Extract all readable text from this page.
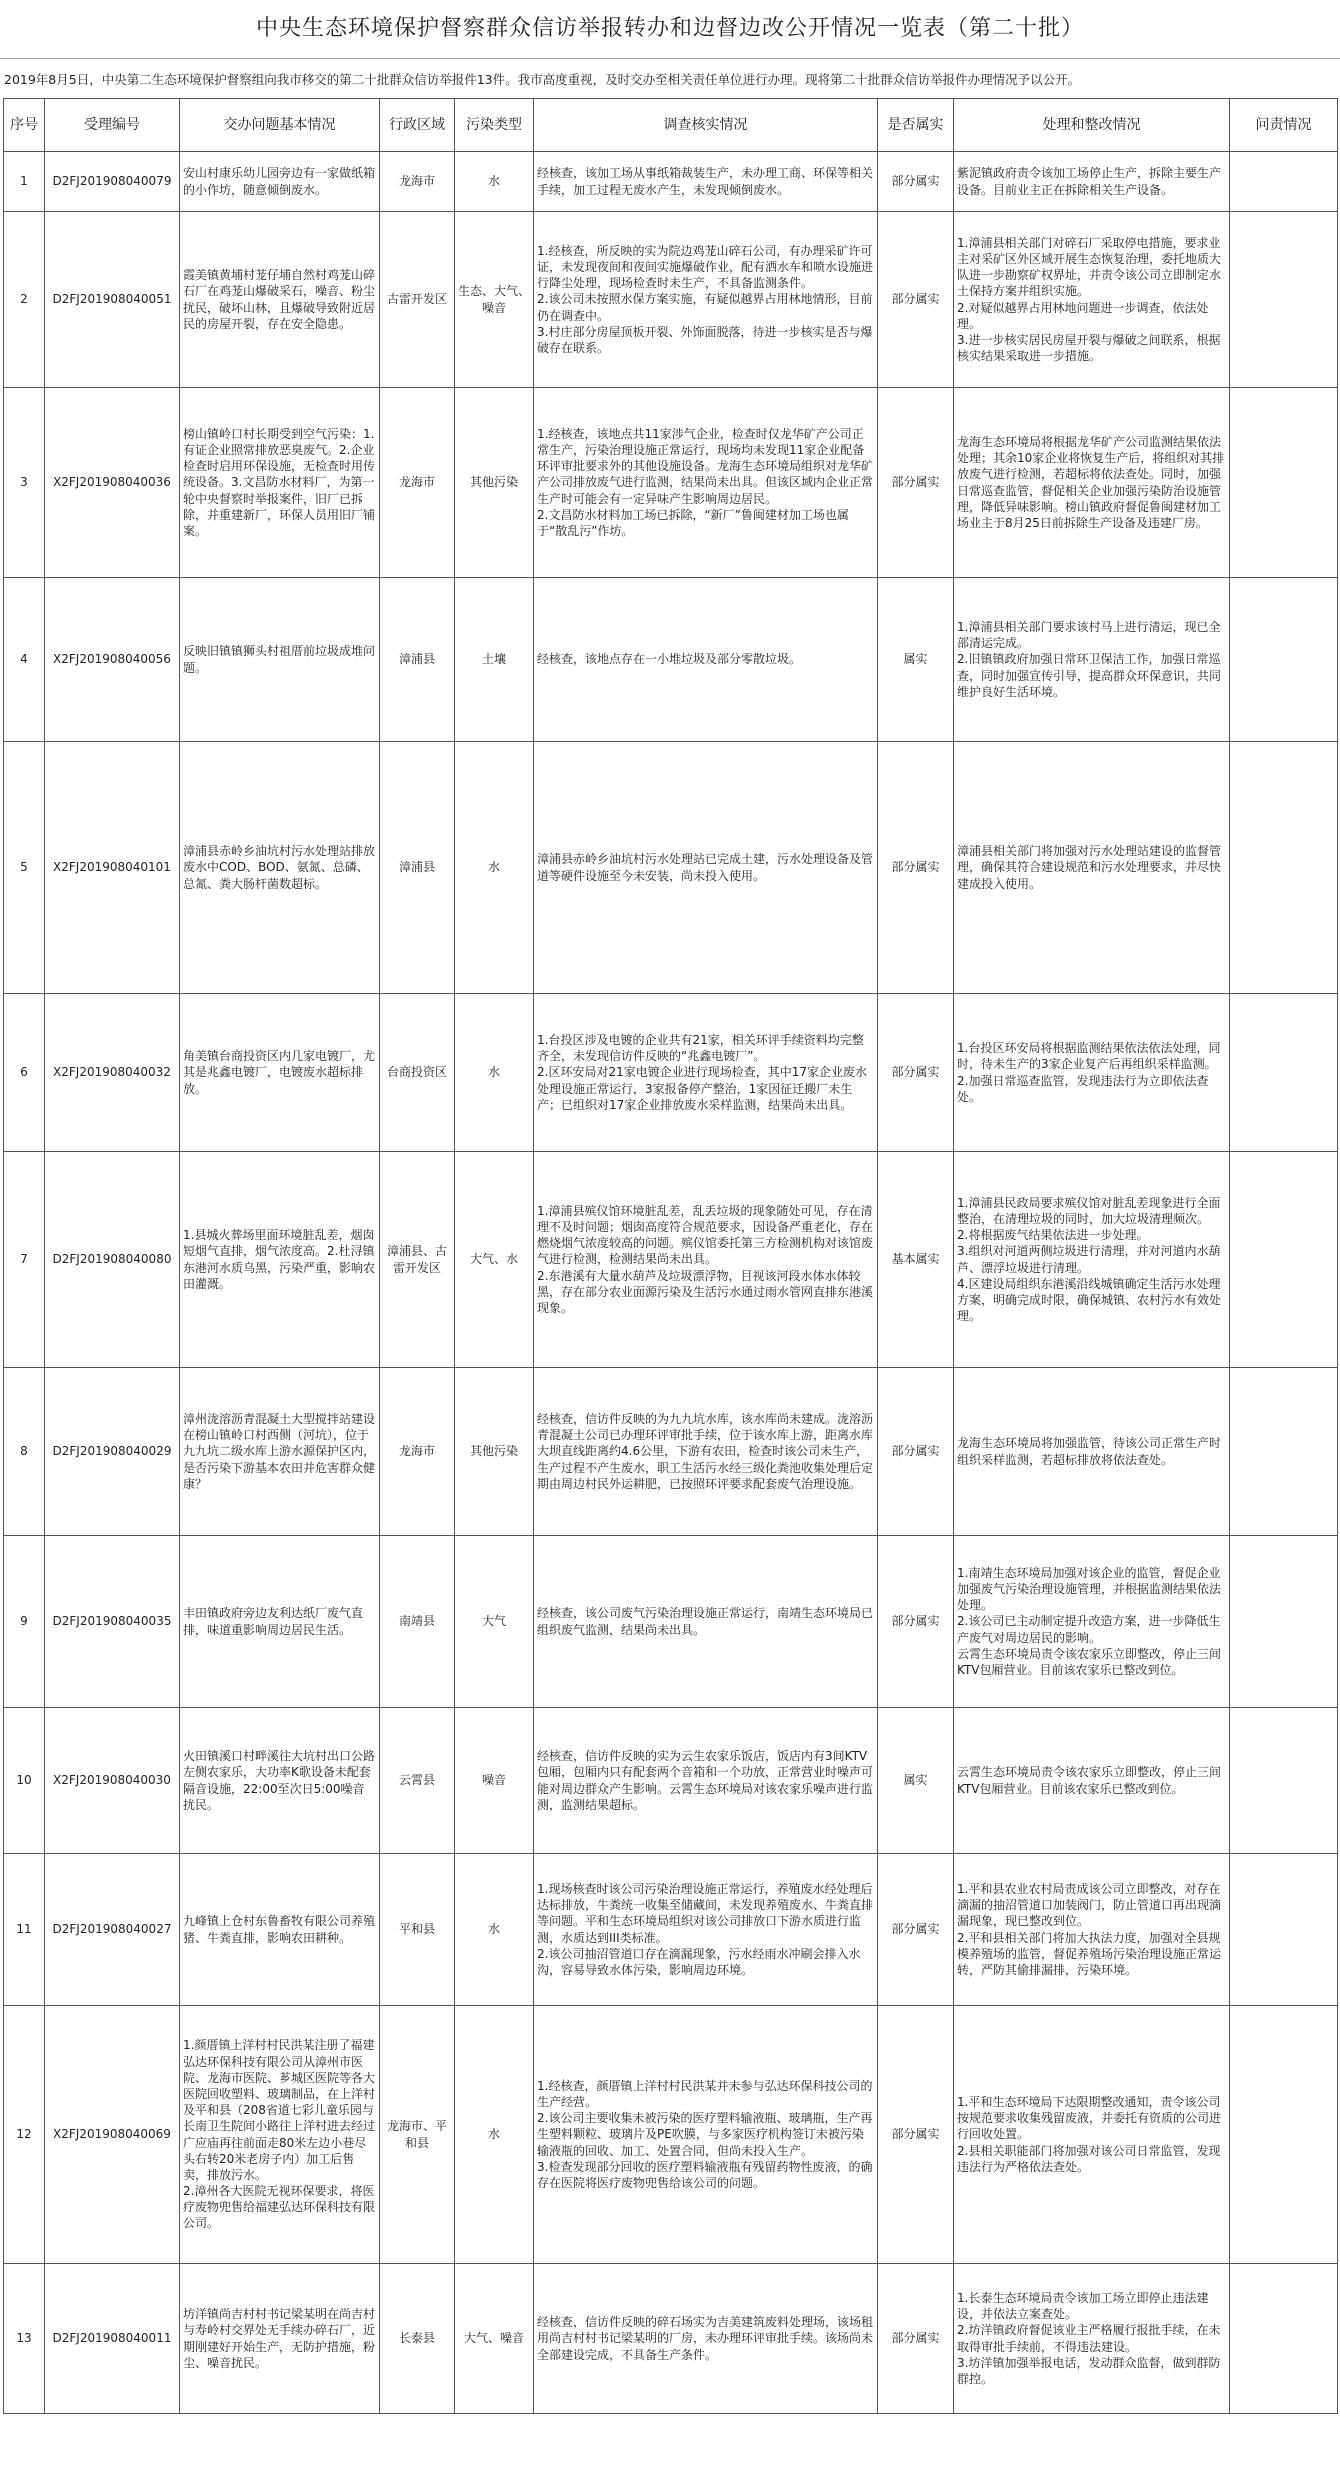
中央生态环境保护督察群众信访举报转办和边督边改公开情况一览表（第二十批）
2019年8月5日，中央第二生态环境保护督察组向我市移交的第二十批群众信访举报件13件。我市高度重视，及时交办至相关责任单位进行办理。现将第二十批群众信访举报件办理情况予以公开。
序号	受理编号	交办问题基本情况	行政区域	污染类型	调查核实情况	是否属实	处理和整改情况	问责情况
1	D2FJ201908040079	安山村康乐幼儿园旁边有一家做纸箱的小作坊，随意倾倒废水。	龙海市	水	经核查，该加工场从事纸箱裁装生产，未办理工商、环保等相关手续，加工过程无废水产生，未发现倾倒废水。	部分属实	紫泥镇政府责令该加工场停止生产，拆除主要生产设备。目前业主正在拆除相关生产设备。	

2	D2FJ201908040051	霞美镇黄埔村茏仔埔自然村鸡茏山碎石厂在鸡茏山爆破采石，噪音、粉尘扰民，破坏山林，且爆破导致附近居民的房屋开裂，存在安全隐患。	古雷开发区	生态、大气、噪音	1.经核查，所反映的实为院边鸡茏山碎石公司，有办理采矿许可证，未发现夜间和夜间实施爆破作业，配有洒水车和喷水设施进行降尘处理，现场检查时未生产，不具备监测条件。
2.该公司未按照水保方案实施，有疑似越界占用林地情形，目前仍在调查中。
3.村庄部分房屋顶板开裂、外饰面脱落，待进一步核实是否与爆破存在联系。	部分属实	1.漳浦县相关部门对碎石厂采取停电措施，要求业主对采矿区外区域开展生态恢复治理，委托地质大队进一步勘察矿权界址，并责令该公司立即制定水土保持方案并组织实施。
2.对疑似越界占用林地问题进一步调查，依法处理。
3.进一步核实居民房屋开裂与爆破之间联系，根据核实结果采取进一步措施。	

3	X2FJ201908040036	榜山镇岭口村长期受到空气污染：1.有证企业照常排放恶臭废气。2.企业检查时启用环保设施，无检查时用传统设备。3.文昌防水材料厂，为第一轮中央督察时举报案件，旧厂已拆除，并重建新厂，环保人员用旧厂铺案。	龙海市	其他污染	1.经核查，该地点共11家涉气企业，检查时仅龙华矿产公司正常生产，污染治理设施正常运行，现场均未发现11家企业配备环评审批要求外的其他设施设备。龙海生态环境局组织对龙华矿产公司排放废气进行监测，结果尚未出具。但该区域内企业正常生产时可能会有一定异味产生影响周边居民。
2.文昌防水材料加工场已拆除，“新厂”鲁闽建材加工场也属于“散乱污”作坊。	部分属实	龙海生态环境局将根据龙华矿产公司监测结果依法处理；其余10家企业将恢复生产后，将组织对其排放废气进行检测，若超标将依法查处。同时，加强日常巡查监管，督促相关企业加强污染防治设施管理，降低异味影响。榜山镇政府督促鲁闽建材加工场业主于8月25日前拆除生产设备及违建厂房。	

4	X2FJ201908040056	反映旧镇镇狮头村祖厝前垃圾成堆问题。	漳浦县	土壤	经核查，该地点存在一小堆垃圾及部分零散垃圾。	属实	1.漳浦县相关部门要求该村马上进行清运，现已全部清运完成。
2.旧镇镇政府加强日常环卫保洁工作，加强日常巡查，同时加强宣传引导，提高群众环保意识，共同维护良好生活环境。	

5	X2FJ201908040101	漳浦县赤岭乡油坑村污水处理站排放废水中COD、BOD、氨氮、总磷、总氮、粪大肠杆菌数超标。	漳浦县	水	漳浦县赤岭乡油坑村污水处理站已完成土建，污水处理设备及管道等硬件设施至今未安装，尚未投入使用。	部分属实	漳浦县相关部门将加强对污水处理站建设的监督管理，确保其符合建设规范和污水处理要求，并尽快建成投入使用。	

6	X2FJ201908040032	角美镇台商投资区内几家电镀厂，尤其是兆鑫电镀厂，电镀废水超标排放。	台商投资区	水	1.台投区涉及电镀的企业共有21家，相关环评手续资料均完整齐全，未发现信访件反映的“兆鑫电镀厂”。
2.区环安局对21家电镀企业进行现场检查，其中17家企业废水处理设施正常运行，3家报备停产整治，1家因征迁搬厂未生产；已组织对17家企业排放废水采样监测，结果尚未出具。	部分属实	1.台投区环安局将根据监测结果依法依法处理，同时，待未生产的3家企业复产后再组织采样监测。
2.加强日常巡查监管，发现违法行为立即依法查处。	

7	D2FJ201908040080	1.县城火葬场里面环境脏乱差，烟囱短烟气直排，烟气浓度高。2.杜浔镇东港河水质乌黑，污染严重，影响农田灌溉。	漳浦县、古雷开发区	大气、水	1.漳浦县殡仪馆环境脏乱差，乱丢垃圾的现象随处可见，存在清理不及时问题；烟囱高度符合规范要求，因设备严重老化，存在燃烧烟气浓度较高的问题。殡仪馆委托第三方检测机构对该馆废气进行检测，检测结果尚未出具。
2.东港溪有大量水葫芦及垃圾漂浮物，目视该河段水体水体较黑，存在部分农业面源污染及生活污水通过雨水管网直排东港溪现象。	基本属实	1.漳浦县民政局要求殡仪馆对脏乱差现象进行全面整治，在清理垃圾的同时，加大垃圾清理频次。
2.将根据废气结果依法进一步处理。
3.组织对河道两侧垃圾进行清理，并对河道内水葫芦、漂浮垃圾进行清理。
4.区建设局组织东港溪沿线城镇确定生活污水处理方案，明确完成时限，确保城镇、农村污水有效处理。	

8	D2FJ201908040029	漳州泷溶沥青混凝土大型搅拌站建设在榜山镇岭口村西侧（河坑），位于九九坑二级水库上游水源保护区内，是否污染下游基本农田并危害群众健康？	龙海市	其他污染	经核查，信访件反映的为九九坑水库，该水库尚未建成。泷溶沥青混凝土公司已办理环评审批手续，位于该水库上游，距离水库大坝直线距离约4.6公里，下游有农田，检查时该公司未生产，生产过程不产生废水，职工生活污水经三级化粪池收集处理后定期由周边村民外运耕肥，已按照环评要求配套废气治理设施。	部分属实	龙海生态环境局将加强监管，待该公司正常生产时组织采样监测，若超标排放将依法查处。	

9	D2FJ201908040035	丰田镇政府旁边友利达纸厂废气直排，味道重影响周边居民生活。	南靖县	大气	经核查，该公司废气污染治理设施正常运行，南靖生态环境局已组织废气监测，结果尚未出具。	部分属实	1.南靖生态环境局加强对该企业的监管，督促企业加强废气污染治理设施管理，并根据监测结果依法处理。
2.该公司已主动制定提升改造方案，进一步降低生产废气对周边居民的影响。
云霄生态环境局责令该农家乐立即整改，停止三间KTV包厢营业。目前该农家乐已整改到位。	

10	X2FJ201908040030	火田镇溪口村畔溪往大坑村出口公路左侧农家乐，大功率K歌设备未配套隔音设施，22:00至次日5:00噪音扰民。	云霄县	噪音	经核查，信访件反映的实为云生农家乐饭店，饭店内有3间KTV包厢，包厢内只有配套两个音箱和一个功放，正常营业时噪声可能对周边群众产生影响。云霄生态环境局对该农家乐噪声进行监测，监测结果超标。	属实	云霄生态环境局责令该农家乐立即整改，停止三间KTV包厢营业。目前该农家乐已整改到位。	

11	D2FJ201908040027	九峰镇上仓村东鲁畜牧有限公司养殖猪、牛粪直排，影响农田耕种。	平和县	水	1.现场核查时该公司污染治理设施正常运行，养殖废水经处理后达标排放，牛粪统一收集至储藏间，未发现养殖废水、牛粪直排等问题。平和生态环境局组织对该公司排放口下游水质进行监测，水质达到III类标准。
2.该公司抽沼管道口存在滴漏现象，污水经雨水冲刷会排入水沟，容易导致水体污染，影响周边环境。	部分属实	1.平和县农业农村局责成该公司立即整改，对存在滴漏的抽沼管道口加装阀门，防止管道口再出现滴漏现象，现已整改到位。
2.平和县相关部门将加大执法力度，加强对全县规模养殖场的监管，督促养殖场污染治理设施正常运转，严防其偷排漏排，污染环境。	

12	X2FJ201908040069	1.颜厝镇上洋村村民洪某注册了福建弘达环保科技有限公司从漳州市医院、龙海市医院、芗城区医院等各大医院回收塑料、玻璃制品，在上洋村及平和县（208省道七彩儿童乐园与长南卫生院间小路往上洋村进去经过广应庙再往前面走80米左边小巷尽头右转20米老房子内）加工后售卖，排放污水。
2.漳州各大医院无视环保要求，将医疗废物兜售给福建弘达环保科技有限公司。	龙海市、平和县	水	1.经核查，颜厝镇上洋村村民洪某并未参与弘达环保科技公司的生产经营。
2.该公司主要收集未被污染的医疗塑料输液瓶、玻璃瓶，生产再生塑料颗粒、玻璃片及PE吹膜，与多家医疗机构签订未被污染输液瓶的回收、加工、处置合同，但尚未投入生产。
3.检查发现部分回收的医疗塑料输液瓶有残留药物性废液，的确存在医院将医疗废物兜售给该公司的问题。	部分属实	1.平和生态环境局下达限期整改通知，责令该公司按规范要求收集残留废液，并委托有资质的公司进行回收处置。
2.县相关职能部门将加强对该公司日常监管，发现违法行为严格依法查处。	

13	D2FJ201908040011	坊洋镇尚吉村村书记梁某明在尚吉村与寿岭村交界处无手续办碎石厂，近期刚建好开始生产，无防护措施，粉尘、噪音扰民。	长泰县	大气、噪音	经核查，信访件反映的碎石场实为吉美建筑废料处理场，该场租用尚吉村村书记梁某明的厂房，未办理环评审批手续。该场尚未全部建设完成，不具备生产条件。	部分属实	1.长泰生态环境局责令该加工场立即停止违法建设，并依法立案查处。
2.坊洋镇政府督促该业主严格履行报批手续，在未取得审批手续前，不得违法建设。
3.坊洋镇加强举报电话，发动群众监督，做到群防群控。	
